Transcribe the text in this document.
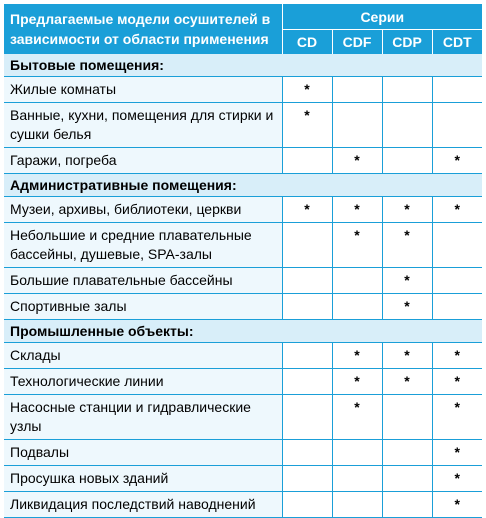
Предлагаемые модели осушителей в зависимости от области применения	Серии			
	CD	CDF	CDP	CDT
Бытовые помещения:				
Жилые комнаты	*			
Ванные, кухни, помещения для стирки и сушки белья	*			
Гаражи, погреба		*		*
Административные помещения:				
Музеи, архивы, библиотеки, церкви	*	*	*	*
Небольшие и средние плавательные бассейны, душевые, SPA-залы		*	*	
Большие плавательные бассейны			*	
Спортивные залы			*	
Промышленные объекты:				
Склады		*	*	*
Технологические линии		*	*	*
Насосные станции и гидравлические узлы		*		*
Подвалы				*
Просушка новых зданий				*
Ликвидация последствий наводнений				*
